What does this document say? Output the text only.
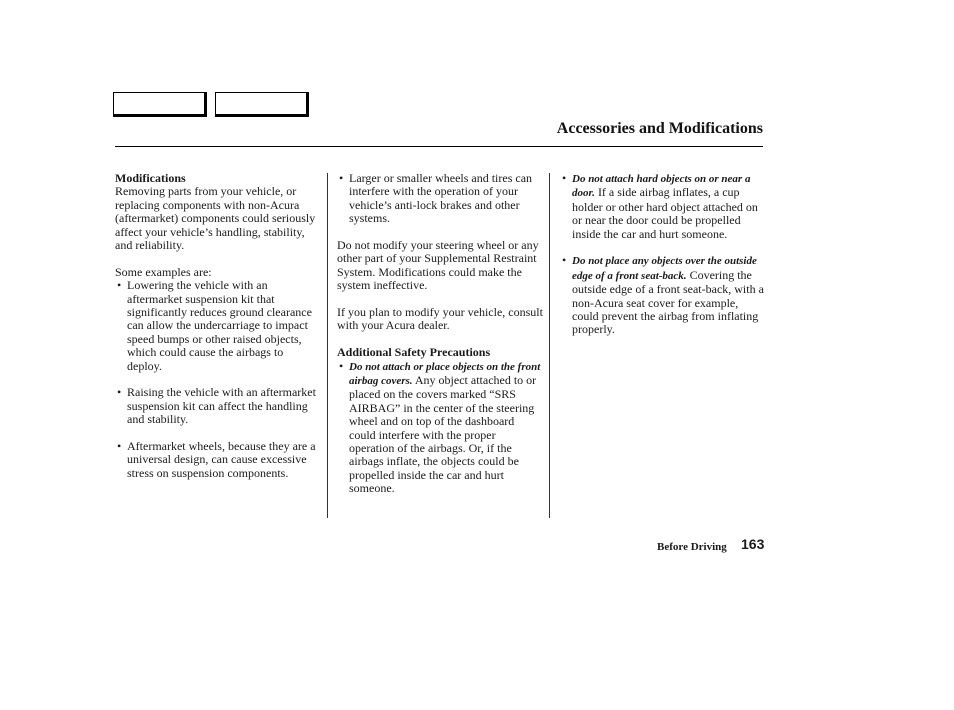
Accessories and Modifications

Modifications

Removing parts from your vehicle, or replacing components with non-Acura (aftermarket) components could seriously affect your vehicle’s handling, stability, and reliability.

Some examples are:

• Lowering the vehicle with an aftermarket suspension kit that significantly reduces ground clearance can allow the undercarriage to impact speed bumps or other raised objects, which could cause the airbags to deploy.
• Raising the vehicle with an aftermarket suspension kit can affect the handling and stability.
• Aftermarket wheels, because they are a universal design, can cause excessive stress on suspension components.
• Larger or smaller wheels and tires can interfere with the operation of your vehicle’s anti-lock brakes and other systems.

Do not modify your steering wheel or any other part of your Supplemental Restraint System. Modifications could make the system ineffective.

If you plan to modify your vehicle, consult with your Acura dealer.

Additional Safety Precautions

• Do not attach or place objects on the front airbag covers. Any object attached to or placed on the covers marked “SRS AIRBAG” in the center of the steering wheel and on top of the dashboard could interfere with the proper operation of the airbags. Or, if the airbags inflate, the objects could be propelled inside the car and hurt someone.
• Do not attach hard objects on or near a door. If a side airbag inflates, a cup holder or other hard object attached on or near the door could be propelled inside the car and hurt someone.
• Do not place any objects over the outside edge of a front seat-back. Covering the outside edge of a front seat-back, with a non-Acura seat cover for example, could prevent the airbag from inflating properly.
Before Driving 163
